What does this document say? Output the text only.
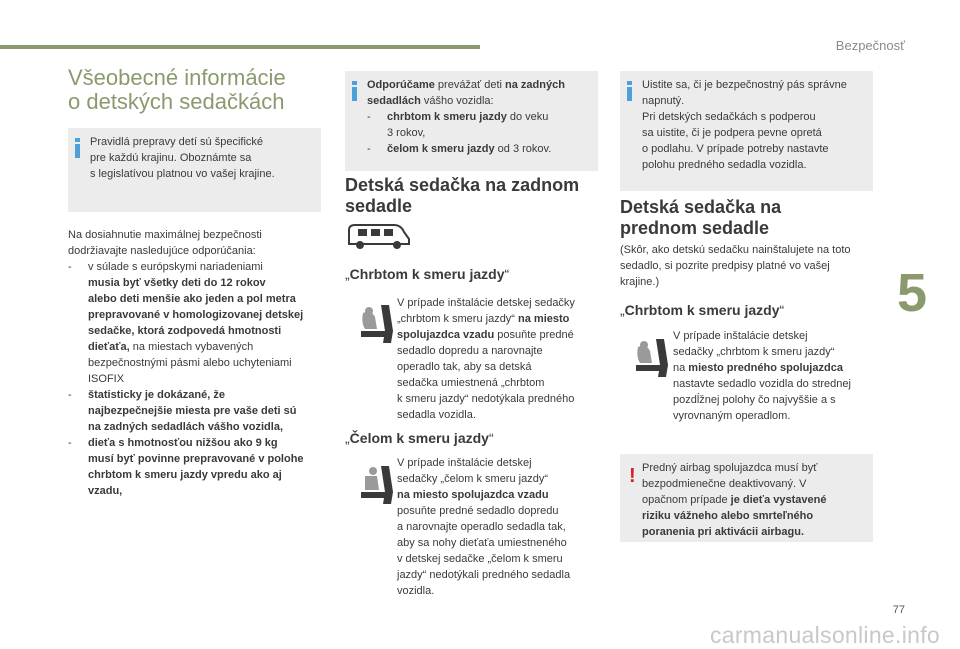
Bezpečnosť
5
77
carmanualsonline.info
Všeobecné informácie
o detských sedačkách
Pravidlá prepravy detí sú špecifické
pre každú krajinu. Oboznámte sa
s legislatívou platnou vo vašej krajine.
Na dosiahnutie maximálnej bezpečnosti
dodržiavajte nasledujúce odporúčania:
- v súlade s európskymi nariadeniami
musia byť všetky deti do 12 rokov
alebo deti menšie ako jeden a pol metra
prepravované v homologizovanej detskej
sedačke, ktorá zodpovedá hmotnosti
dieťaťa, na miestach vybavených
bezpečnostnými pásmi alebo uchyteniami
ISOFIX
- štatisticky je dokázané, že
najbezpečnejšie miesta pre vaše deti sú
na zadných sedadlách vášho vozidla,
- dieťa s hmotnosťou nižšou ako 9 kg
musí byť povinne prepravované v polohe
chrbtom k smeru jazdy vpredu ako aj
vzadu,
Odporúčame prevážať deti na zadných
sedadlách vášho vozidla:
- chrbtom k smeru jazdy do veku
3 rokov,
- čelom k smeru jazdy od 3 rokov.
Detská sedačka na zadnom
sedadle
„Chrbtom k smeru jazdy“
V prípade inštalácie detskej sedačky
„chrbtom k smeru jazdy“ na miesto
spolujazdca vzadu posuňte predné
sedadlo dopredu a narovnajte
operadlo tak, aby sa detská
sedačka umiestnená „chrbtom
k smeru jazdy“ nedotýkala predného
sedadla vozidla.
„Čelom k smeru jazdy“
V prípade inštalácie detskej
sedačky „čelom k smeru jazdy“
na miesto spolujazdca vzadu
posuňte predné sedadlo dopredu
a narovnajte operadlo sedadla tak,
aby sa nohy dieťaťa umiestneného
v detskej sedačke „čelom k smeru
jazdy“ nedotýkali predného sedadla
vozidla.
Uistite sa, či je bezpečnostný pás správne
napnutý.
Pri detských sedačkách s podperou
sa uistite, či je podpera pevne opretá
o podlahu. V prípade potreby nastavte
polohu predného sedadla vozidla.
Detská sedačka na
prednom sedadle
(Skôr, ako detskú sedačku nainštalujete na toto
sedadlo, si pozrite predpisy platné vo vašej
krajine.)
„Chrbtom k smeru jazdy“
V prípade inštalácie detskej
sedačky „chrbtom k smeru jazdy“
na miesto predného spolujazdca
nastavte sedadlo vozidla do strednej
pozdĺžnej polohy čo najvyššie a s
vyrovnaným operadlom.
! Predný airbag spolujazdca musí byť
bezpodmienečne deaktivovaný. V
opačnom prípade je dieťa vystavené
riziku vážneho alebo smrteľného
poranenia pri aktivácii airbagu.
